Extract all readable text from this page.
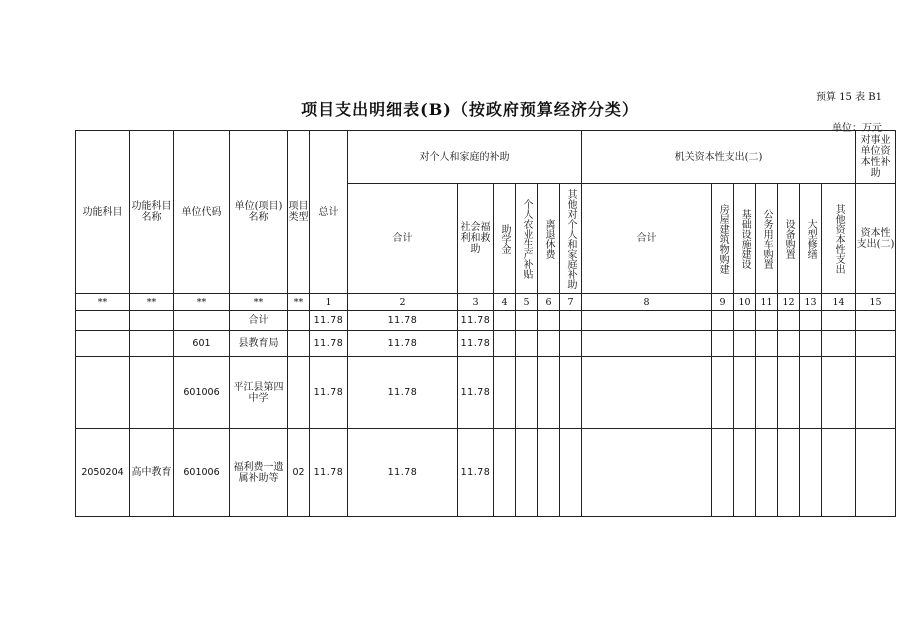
预算 15 表 B1
项目支出明细表(B)（按政府预算经济分类）
单位：万元
功能科目	功能科目名称	单位代码	单位(项目)名称	项目类型	总计	对个人和家庭的补助						机关资本性支出(二)							对事业单位资本性补助
						合计	社会福利和救助	助学金	个人农业生产补贴	离退休费	其他对个人和家庭补助	合计	房屋建筑物购建	基础设施建设	公务用车购置	设备购置	大型修缮	其他资本性支出	资本性支出(二)
**	**	**	**	**	1	2	3	4	5	6	7	8	9	10	11	12	13	14	15
			合计		11.78	11.78	11.78												
		601	县教育局		11.78	11.78	11.78												
		601006	平江县第四中学		11.78	11.78	11.78												
2050204	高中教育	601006	福利费一遗属补助等	02	11.78	11.78	11.78												
